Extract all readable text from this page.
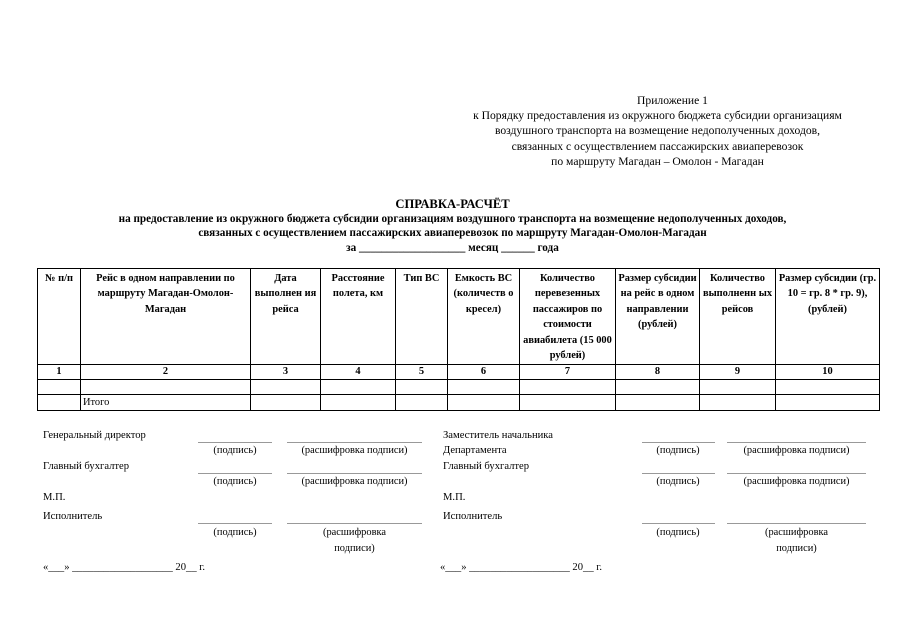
Приложение 1
к Порядку предоставления из окружного бюджета субсидии организациям
воздушного транспорта на возмещение недополученных доходов,
связанных с осуществлением пассажирских авиаперевозок
по маршруту Магадан – Омолон - Магадан
СПРАВКА-РАСЧЁТ
на предоставление из окружного бюджета субсидии организациям воздушного транспорта на возмещение недополученных доходов,
связанных с осуществлением пассажирских авиаперевозок по маршруту Магадан-Омолон-Магадан
за ___________________ месяц ______ года
№ п/п	Рейс в одном направлении по маршруту Магадан-Омолон-Магадан	Дата выполнен ия рейса	Расстояние полета, км	Тип ВС	Емкость ВС (количеств о кресел)	Количество перевезенных пассажиров по стоимости авиабилета (15 000 рублей)	Размер субсидии на рейс в одном направлении (рублей)	Количество выполненн ых рейсов	Размер субсидии (гр. 10 = гр. 8 * гр. 9), (рублей)
1	2	3	4	5	6	7	8	9	10

	Итого								
Генеральный директор
(подпись)	(расшифровка подписи)
Главный бухгалтер
(подпись)	(расшифровка подписи)
М.П.
Исполнитель
(подпись)	(расшифровка
подписи)
«___» ___________________ 20__ г.
Заместитель начальника
Департамента	(подпись)	(расшифровка подписи)
Главный бухгалтер
(подпись)	(расшифровка подписи)
М.П.
Исполнитель
(подпись)	(расшифровка
подписи)
«___» ___________________ 20__ г.
